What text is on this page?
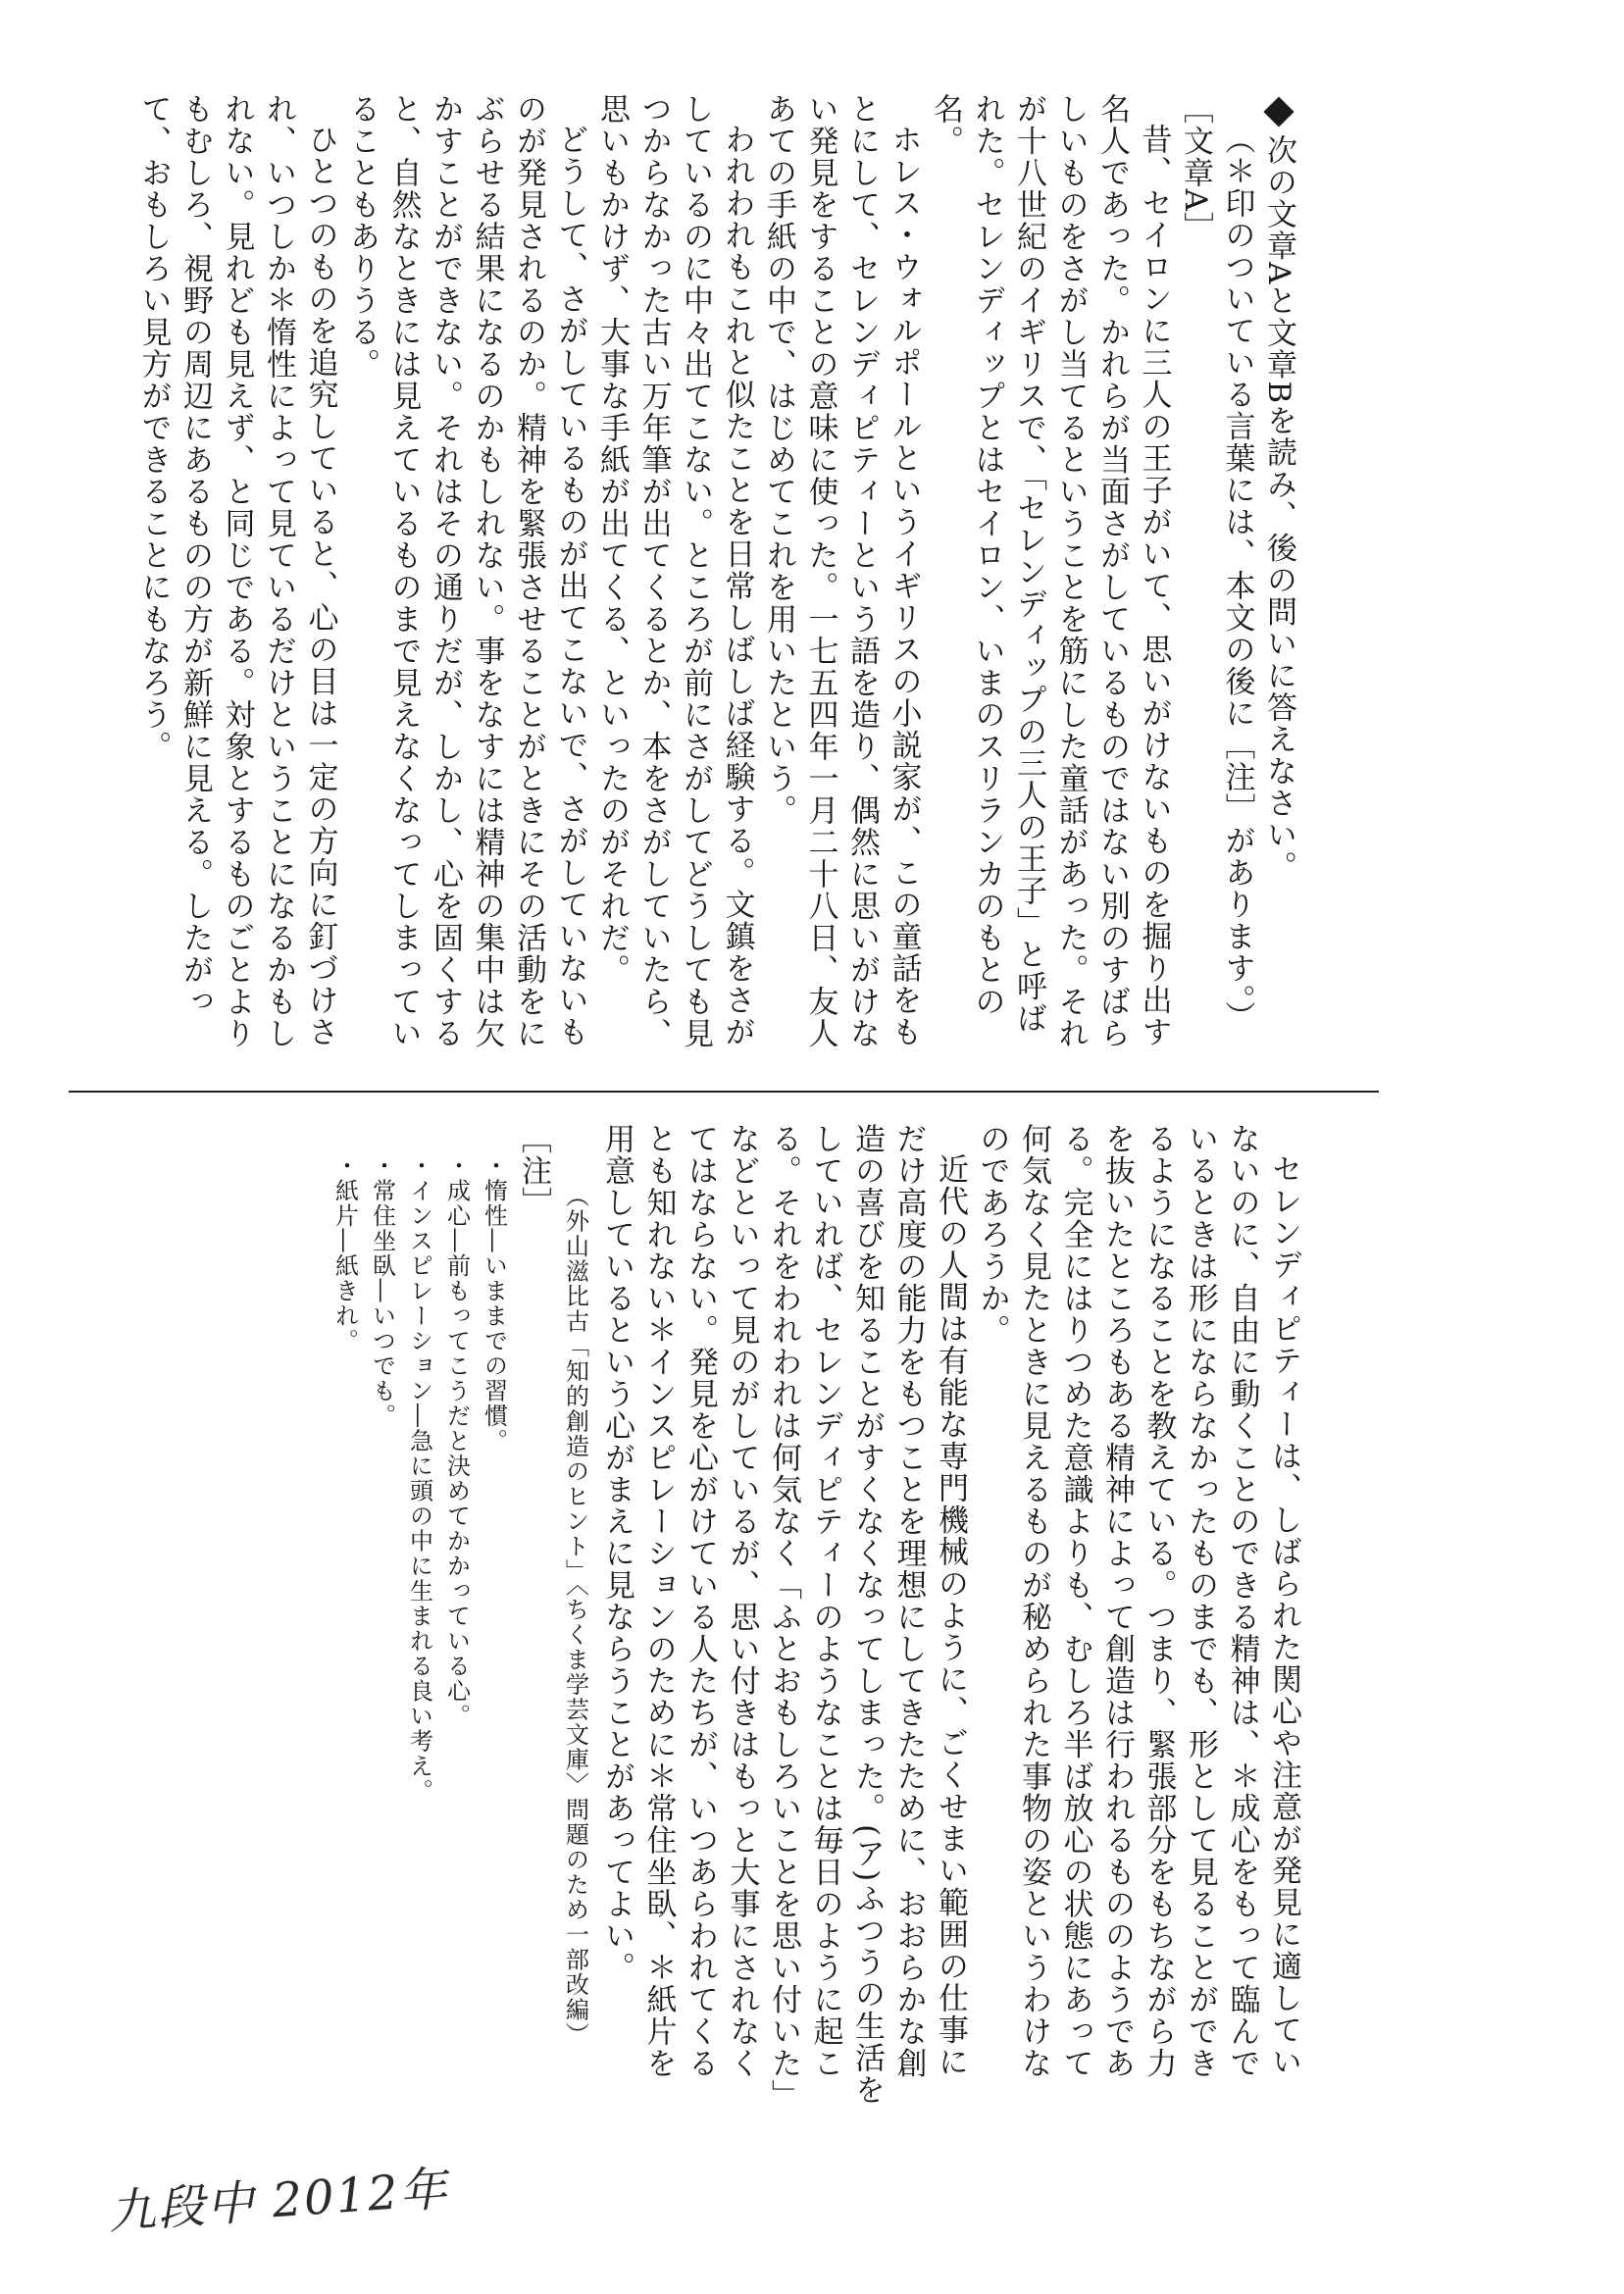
次の文章Aと文章Bを読み、後の問いに答えなさい。

（＊印のついている言葉には、本文の後に［注］があります。）

［文章A］

昔、セイロンに三人の王子がいて、思いがけないものを掘り出す名人であった。かれらが当面さがしているものではない別のすばらしいものをさがし当てるということを筋にした童話があった。それが十八世紀のイギリスで、「セレンディップの三人の王子」と呼ばれた。セレンディップとはセイロン、いまのスリランカのもとの名。

ホレス・ウォルポールというイギリスの小説家が、この童話をもとにして、セレンディピティーという語を造り、偶然に思いがけない発見をすることの意味に使った。一七五四年一月二十八日、友人あての手紙の中で、はじめてこれを用いたという。

われわれもこれと似たことを日常しばしば経験する。文鎮をさがしているのに中々出てこない。ところが前にさがしてどうしても見つからなかった古い万年筆が出てくるとか、本をさがしていたら、思いもかけず、大事な手紙が出てくる、といったのがそれだ。

どうして、さがしているものが出てこないで、さがしていないものが発見されるのか。精神を緊張させることがときにその活動をにぶらせる結果になるのかもしれない。事をなすには精神の集中は欠かすことができない。それはその通りだが、しかし、心を固くすると、自然なときには見えているものまで見えなくなってしまっていることもありうる。

ひとつのものを追究していると、心の目は一定の方向に釘づけされ、いつしか＊惰性によって見ているだけということになるかもしれない。見れども見えず、と同じである。対象とするものごとよりもむしろ、視野の周辺にあるものの方が新鮮に見える。したがって、おもしろい見方ができることにもなろう。

セレンディピティーは、しばられた関心や注意が発見に適していないのに、自由に動くことのできる精神は、＊成心をもって臨んでいるときは形にならなかったものまでも、形として見ることができるようになることを教えている。つまり、緊張部分をもちながら力を抜いたところもある精神によって創造は行われるもののようである。完全にはりつめた意識よりも、むしろ半ば放心の状態にあって何気なく見たときに見えるものが秘められた事物の姿というわけなのであろうか。

近代の人間は有能な専門機械のように、ごくせまい範囲の仕事にだけ高度の能力をもつことを理想にしてきたために、おおらかな創造の喜びを知ることがすくなくなってしまった。(ア)ふつうの生活をしていれば、セレンディピティーのようなことは毎日のように起こる。それをわれわれは何気なく「ふとおもしろいことを思い付いた」などといって見のがしているが、思い付きはもっと大事にされなくてはならない。発見を心がけている人たちが、いつあらわれてくるとも知れない＊インスピレーションのために＊常住坐臥、＊紙片を用意しているという心がまえに見ならうことがあってよい。

（外山滋比古「知的創造のヒント」〈ちくま学芸文庫〉問題のため一部改編）

［注］

・惰性―いままでの習慣。

・成心―前もってこうだと決めてかかっている心。

・インスピレーション―急に頭の中に生まれる良い考え。

・常住坐臥―いつでも。

・紙片―紙きれ。

九段中 2012年
